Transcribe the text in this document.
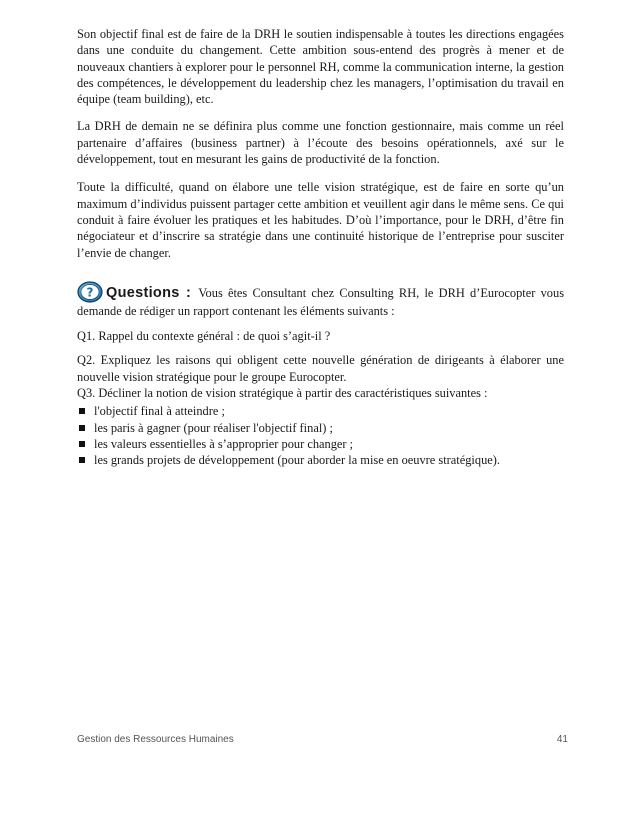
Son objectif final est de faire de la DRH le soutien indispensable à toutes les directions engagées dans une conduite du changement. Cette ambition sous-entend des progrès à mener et de nouveaux chantiers à explorer pour le personnel RH, comme la communication interne, la gestion des compétences, le développement du leadership chez les managers, l’optimisation du travail en équipe (team building), etc.

La DRH de demain ne se définira plus comme une fonction gestionnaire, mais comme un réel partenaire d’affaires (business partner) à l’écoute des besoins opérationnels, axé sur le développement, tout en mesurant les gains de productivité de la fonction.

Toute la difficulté, quand on élabore une telle vision stratégique, est de faire en sorte qu’un maximum d’individus puissent partager cette ambition et veuillent agir dans le même sens. Ce qui conduit à faire évoluer les pratiques et les habitudes. D’où l’importance, pour le DRH, d’être fin négociateur et d’inscrire sa stratégie dans une continuité historique de l’entreprise pour susciter l’envie de changer.

? Questions : Vous êtes Consultant chez Consulting RH, le DRH d’Eurocopter vous demande de rédiger un rapport contenant les éléments suivants :

Q1. Rappel du contexte général : de quoi s’agit-il ?

Q2. Expliquez les raisons qui obligent cette nouvelle génération de dirigeants à élaborer une nouvelle vision stratégique pour le groupe Eurocopter.

Q3. Décliner la notion de vision stratégique à partir des caractéristiques suivantes :

l'objectif final à atteindre ;
les paris à gagner (pour réaliser l'objectif final) ;
les valeurs essentielles à s’approprier pour changer ;
les grands projets de développement (pour aborder la mise en oeuvre stratégique).
Gestion des Ressources Humaines	41
